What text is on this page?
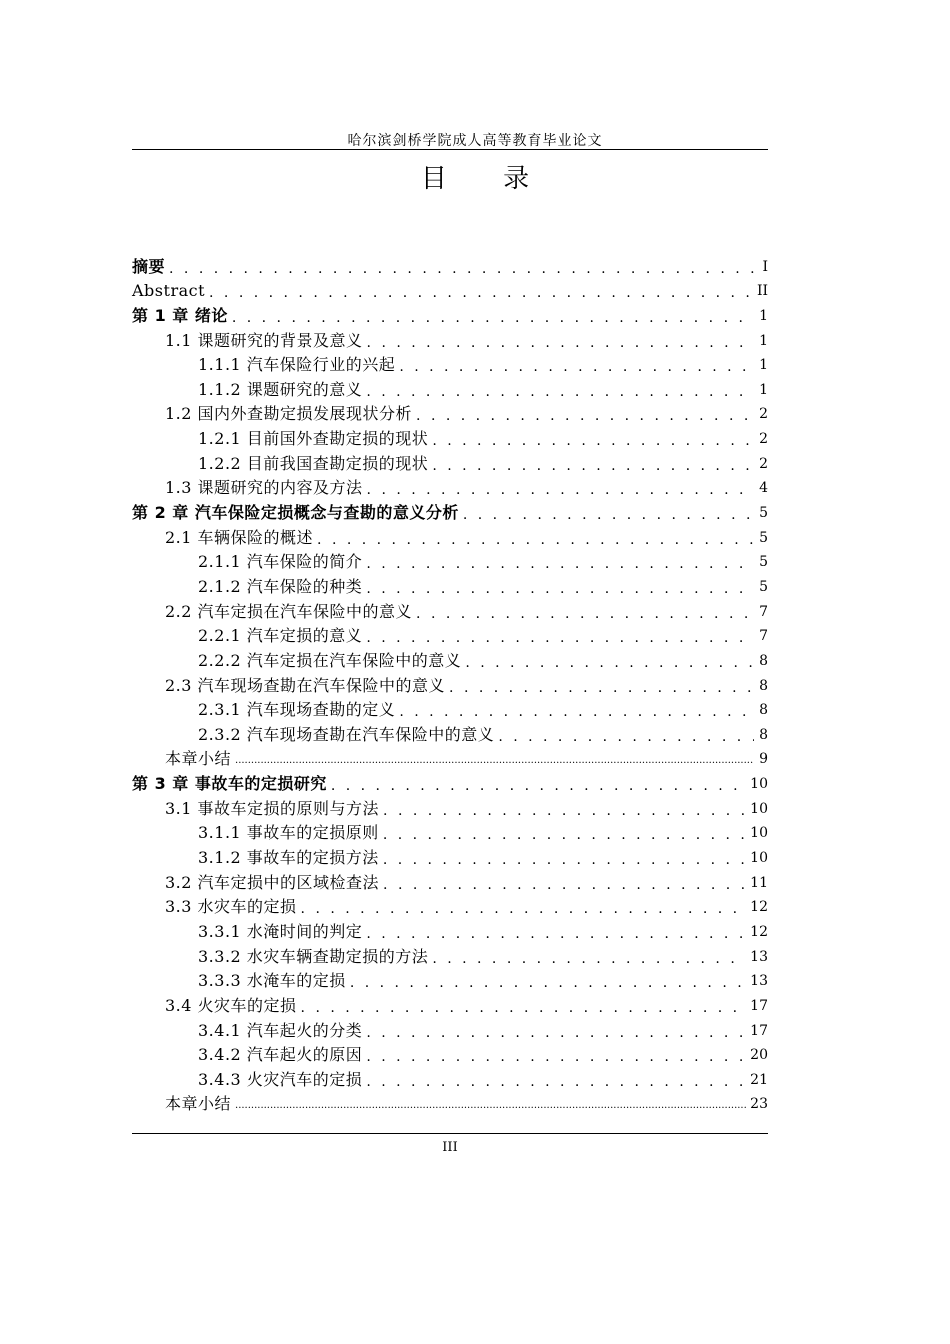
哈尔滨剑桥学院成人高等教育毕业论文
目 录
摘要 . . .	I
Abstract . . .	II
第 1 章 绪论 . . .	1
1.1 课题研究的背景及意义 . . .	1
1.1.1 汽车保险行业的兴起 . . .	1
1.1.2 课题研究的意义 . . .	1
1.2 国内外查勘定损发展现状分析 . . .	2
1.2.1 目前国外查勘定损的现状 . . .	2
1.2.2 目前我国查勘定损的现状 . . .	2
1.3 课题研究的内容及方法 . . .	4
第 2 章 汽车保险定损概念与查勘的意义分析 . . .	5
2.1 车辆保险的概述 . . .	5
2.1.1 汽车保险的简介 . . .	5
2.1.2 汽车保险的种类 . . .	5
2.2 汽车定损在汽车保险中的意义 . . .	7
2.2.1 汽车定损的意义 . . .	7
2.2.2 汽车定损在汽车保险中的意义 . . .	8
2.3 汽车现场查勘在汽车保险中的意义 . . .	8
2.3.1 汽车现场查勘的定义 . . .	8
2.3.2 汽车现场查勘在汽车保险中的意义 . . .	8
本章小结 .....	9
第 3 章 事故车的定损研究 . . .	10
3.1 事故车定损的原则与方法 . . .	10
3.1.1 事故车的定损原则 . . .	10
3.1.2 事故车的定损方法 . . .	10
3.2 汽车定损中的区域检查法 . . .	11
3.3 水灾车的定损 . . .	12
3.3.1 水淹时间的判定 . . .	12
3.3.2 水灾车辆查勘定损的方法 . . .	13
3.3.3 水淹车的定损 . . .	13
3.4 火灾车的定损 . . .	17
3.4.1 汽车起火的分类 . . .	17
3.4.2 汽车起火的原因 . . .	20
3.4.3 火灾汽车的定损 . . .	21
本章小结 .....	23
III
